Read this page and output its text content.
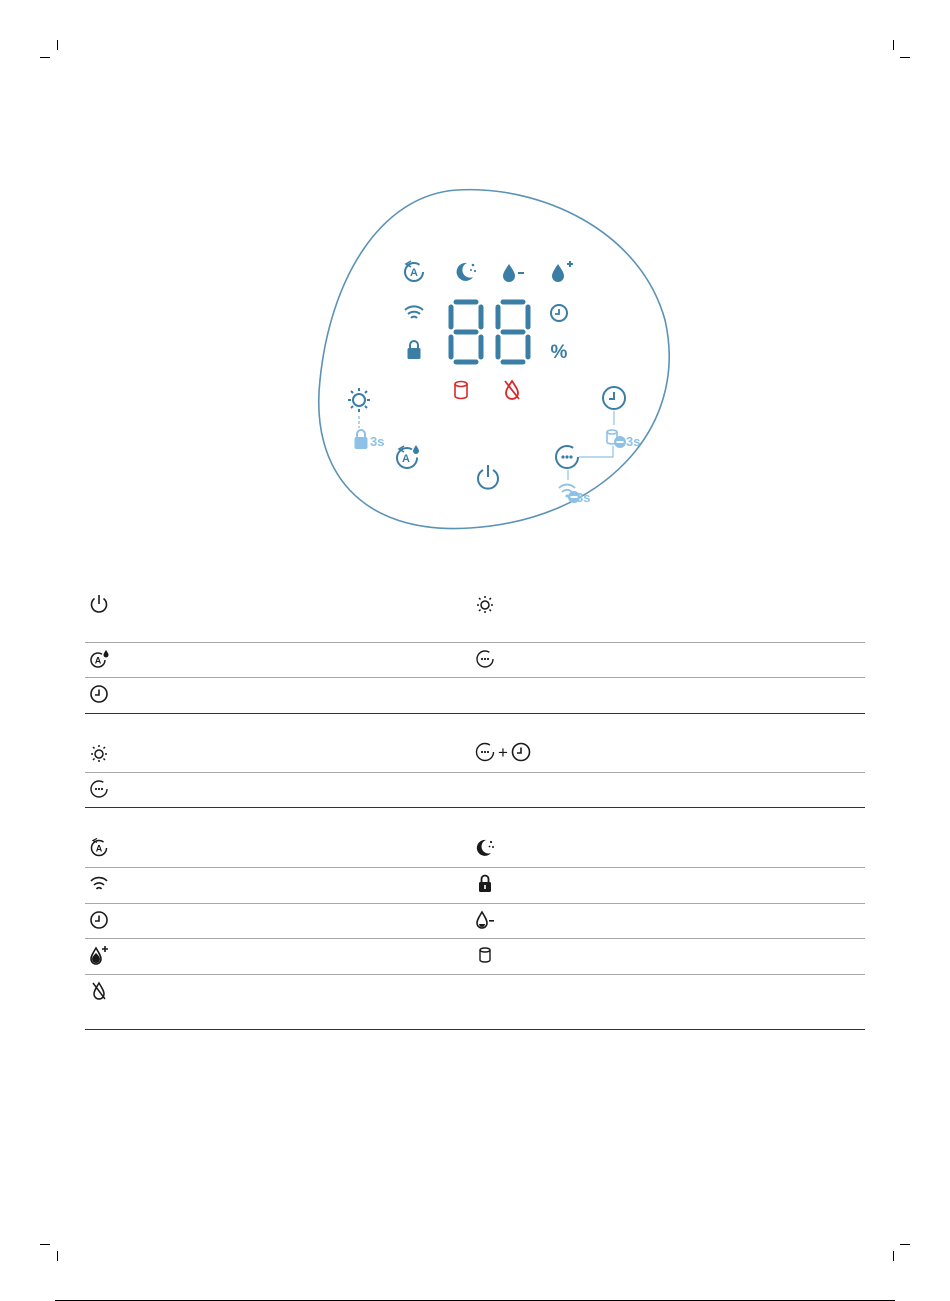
A
%
3s
A
3s
3s
A
+
A
